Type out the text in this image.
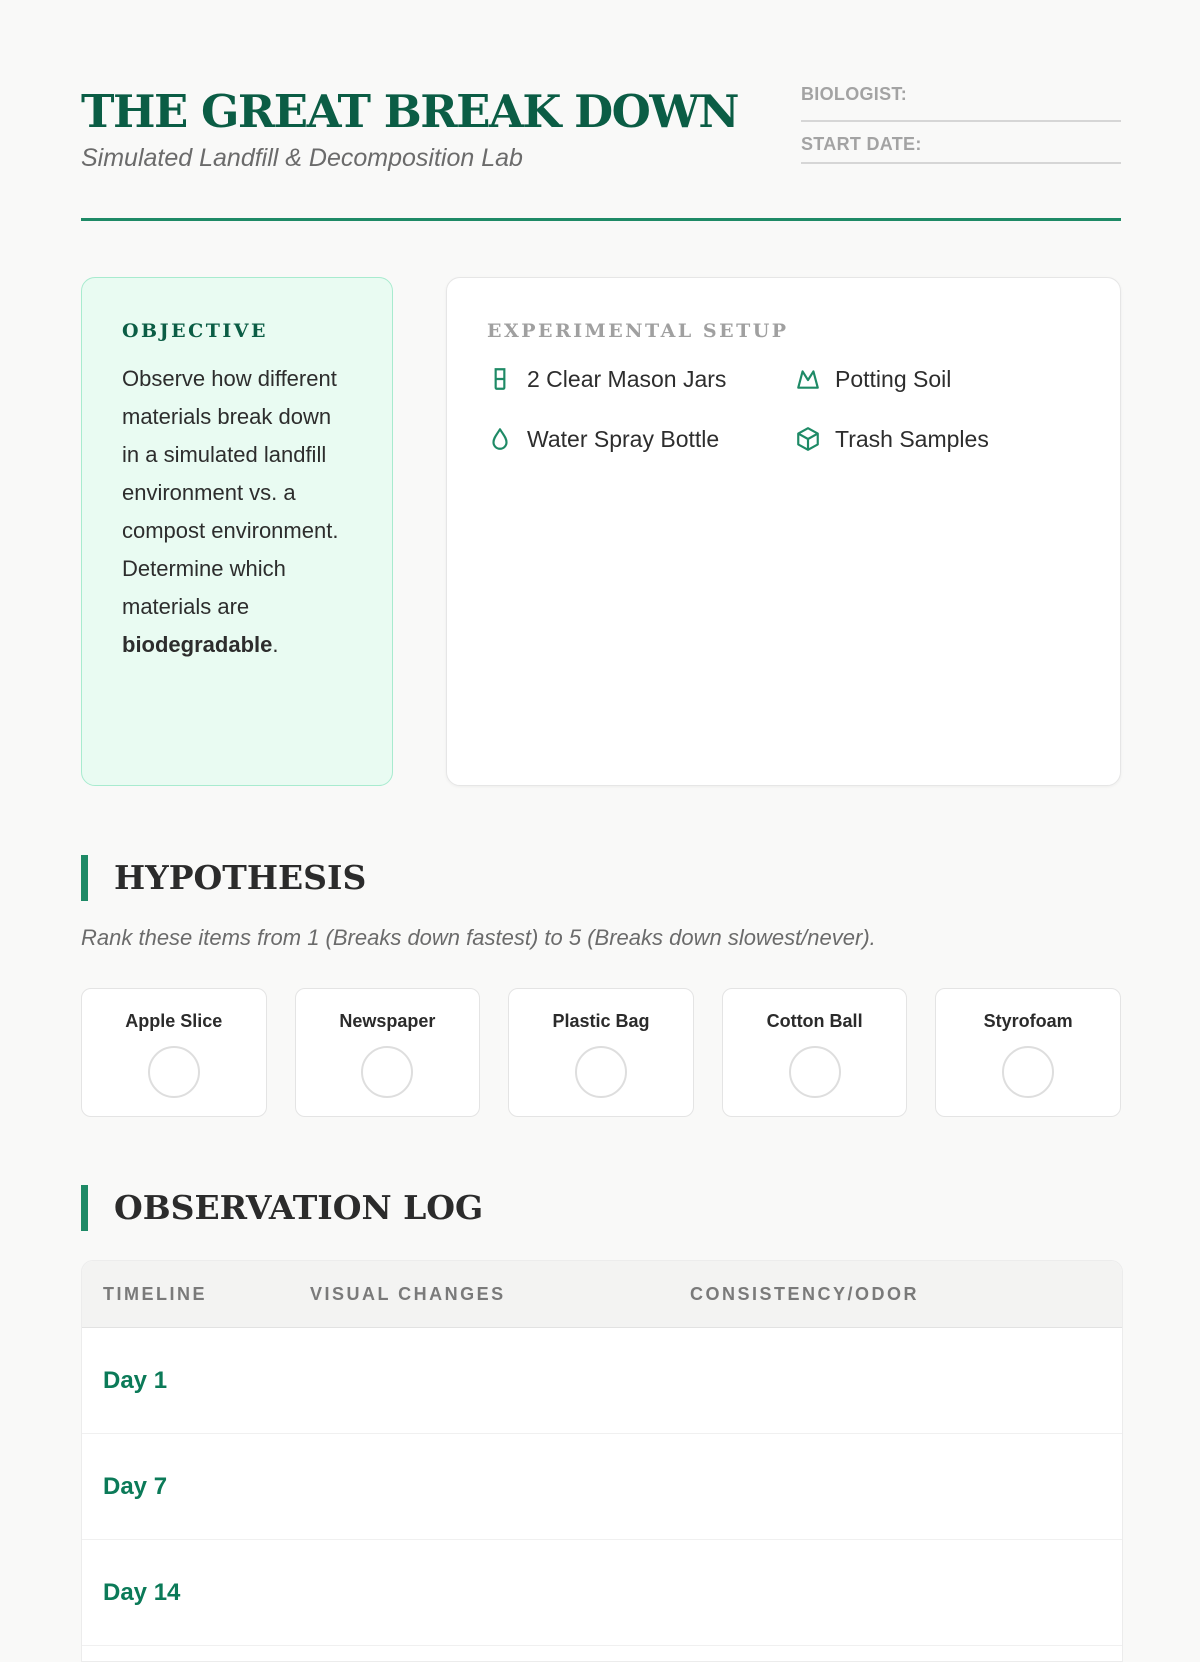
THE GREAT BREAK DOWN
Simulated Landfill & Decomposition Lab
BIOLOGIST:
START DATE:
OBJECTIVE
Observe how different materials break down in a simulated landfill environment vs. a compost environment. Determine which materials are biodegradable.
EXPERIMENTAL SETUP
2 Clear Mason Jars	Potting Soil
Water Spray Bottle	Trash Samples
HYPOTHESIS
Rank these items from 1 (Breaks down fastest) to 5 (Breaks down slowest/never).
Apple Slice	Newspaper	Plastic Bag	Cotton Ball	Styrofoam
OBSERVATION LOG
TIMELINE	VISUAL CHANGES	CONSISTENCY/ODOR
Day 1
Day 7
Day 14
